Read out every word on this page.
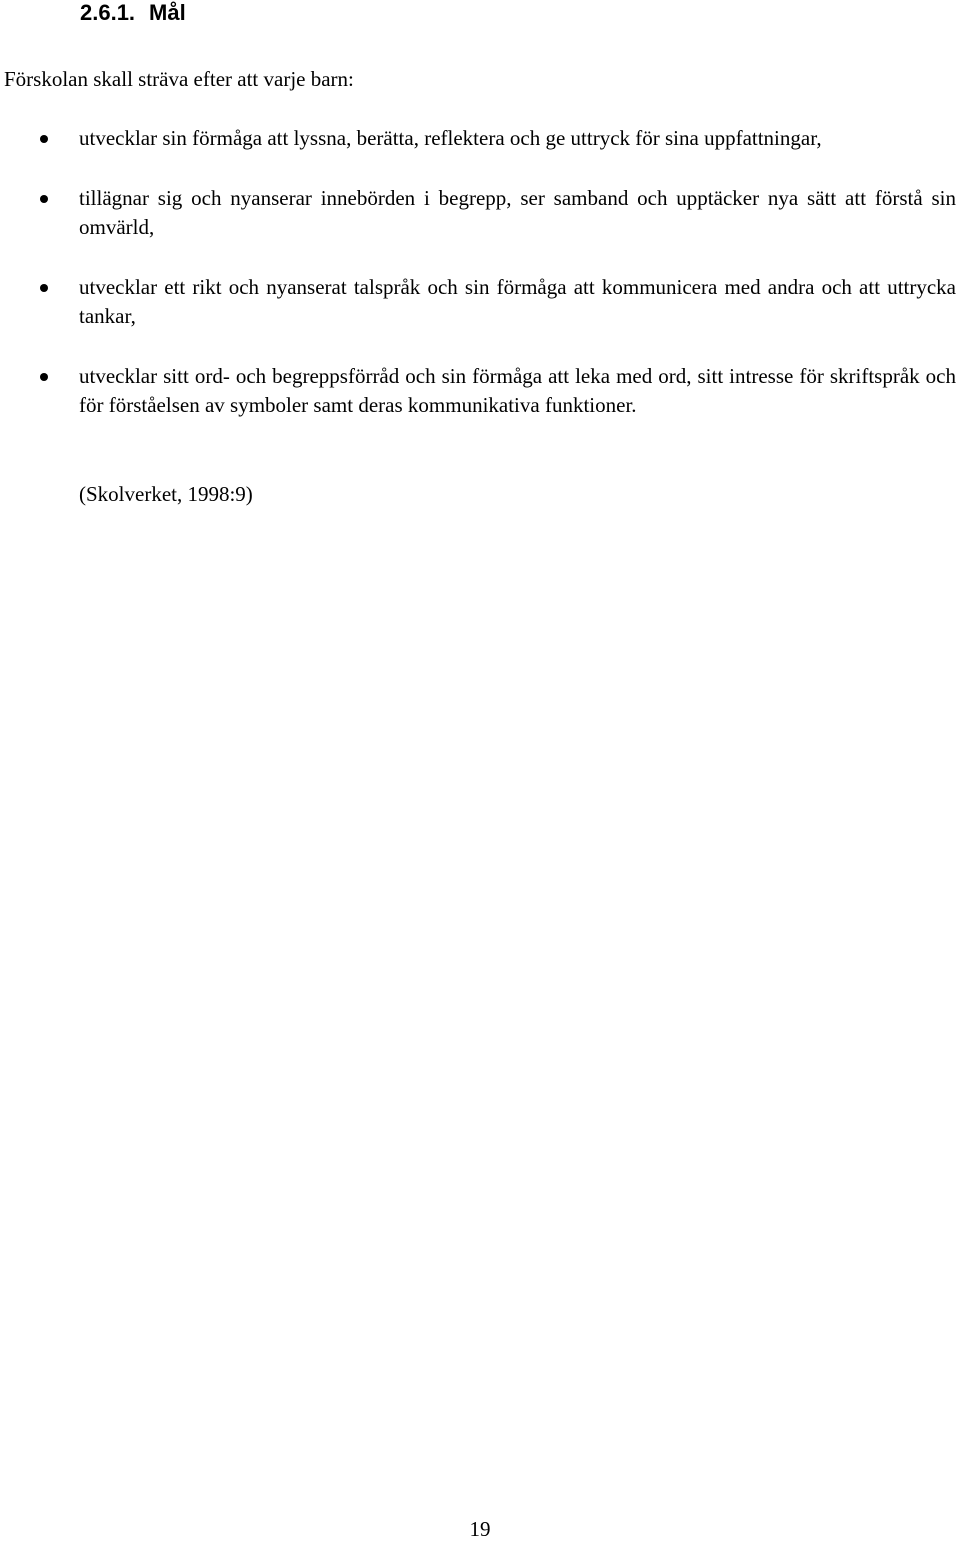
2.6.1. Mål
Förskolan skall sträva efter att varje barn:
utvecklar sin förmåga att lyssna, berätta, reflektera och ge uttryck för sina uppfattningar,
tillägnar sig och nyanserar innebörden i begrepp, ser samband och upptäcker nya sätt att förstå sin omvärld,
utvecklar ett rikt och nyanserat talspråk och sin förmåga att kommunicera med andra och att uttrycka tankar,
utvecklar sitt ord- och begreppsförråd och sin förmåga att leka med ord, sitt intresse för skriftspråk och för förståelsen av symboler samt deras kommunikativa funktioner.
(Skolverket, 1998:9)
19
